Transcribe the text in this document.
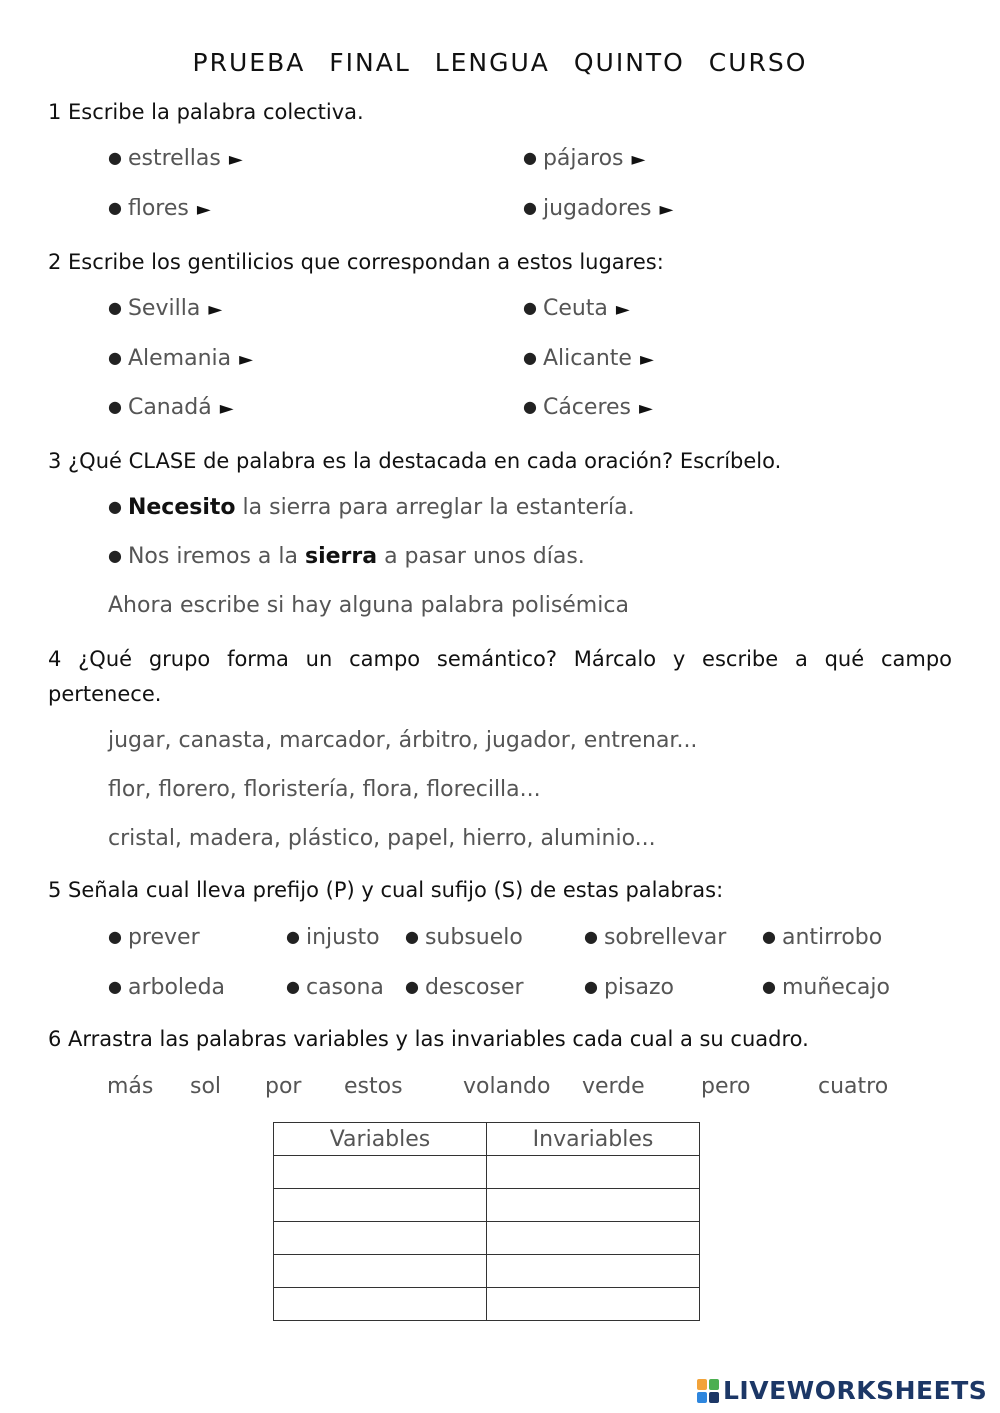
PRUEBA FINAL LENGUA QUINTO CURSO
1 Escribe la palabra colectiva.
● estrellas ►	● pájaros ►
● flores ►	● jugadores ►
2 Escribe los gentilicios que correspondan a estos lugares:
● Sevilla ►	● Ceuta ►
● Alemania ►	● Alicante ►
● Canadá ►	● Cáceres ►
3 ¿Qué CLASE de palabra es la destacada en cada oración? Escríbelo.
● Necesito la sierra para arreglar la estantería.
● Nos iremos a la sierra a pasar unos días.
Ahora escribe si hay alguna palabra polisémica
4 ¿Qué grupo forma un campo semántico? Márcalo y escribe a qué campo
pertenece.
jugar, canasta, marcador, árbitro, jugador, entrenar...
flor, florero, floristería, flora, florecilla...
cristal, madera, plástico, papel, hierro, aluminio...
5 Señala cual lleva prefijo (P) y cual sufijo (S) de estas palabras:
● prever	● injusto ● subsuelo	● sobrellevar ● antirrobo
● arboleda	● casona ● descoser	● pisazo	● muñecajo
6 Arrastra las palabras variables y las invariables cada cual a su cuadro.
más sol por estos	volando verde	pero	cuatro
Variables	Invariables

LIVEWORKSHEETS
